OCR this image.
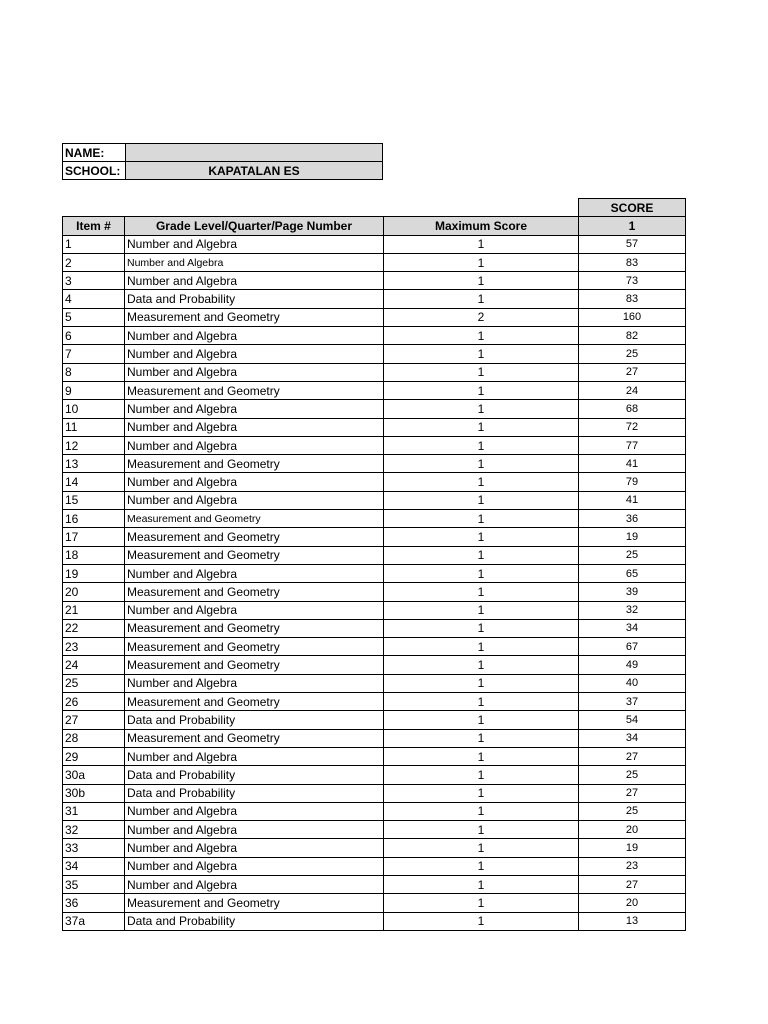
NAME:	
SCHOOL:	KAPATALAN ES
			SCORE
Item #	Grade Level/Quarter/Page Number	Maximum Score	1
1	Number and Algebra	1	57
2	Number and Algebra	1	83
3	Number and Algebra	1	73
4	Data and Probability	1	83
5	Measurement and Geometry	2	160
6	Number and Algebra	1	82
7	Number and Algebra	1	25
8	Number and Algebra	1	27
9	Measurement and Geometry	1	24
10	Number and Algebra	1	68
11	Number and Algebra	1	72
12	Number and Algebra	1	77
13	Measurement and Geometry	1	41
14	Number and Algebra	1	79
15	Number and Algebra	1	41
16	Measurement and Geometry	1	36
17	Measurement and Geometry	1	19
18	Measurement and Geometry	1	25
19	Number and Algebra	1	65
20	Measurement and Geometry	1	39
21	Number and Algebra	1	32
22	Measurement and Geometry	1	34
23	Measurement and Geometry	1	67
24	Measurement and Geometry	1	49
25	Number and Algebra	1	40
26	Measurement and Geometry	1	37
27	Data and Probability	1	54
28	Measurement and Geometry	1	34
29	Number and Algebra	1	27
30a	Data and Probability	1	25
30b	Data and Probability	1	27
31	Number and Algebra	1	25
32	Number and Algebra	1	20
33	Number and Algebra	1	19
34	Number and Algebra	1	23
35	Number and Algebra	1	27
36	Measurement and Geometry	1	20
37a	Data and Probability	1	13
